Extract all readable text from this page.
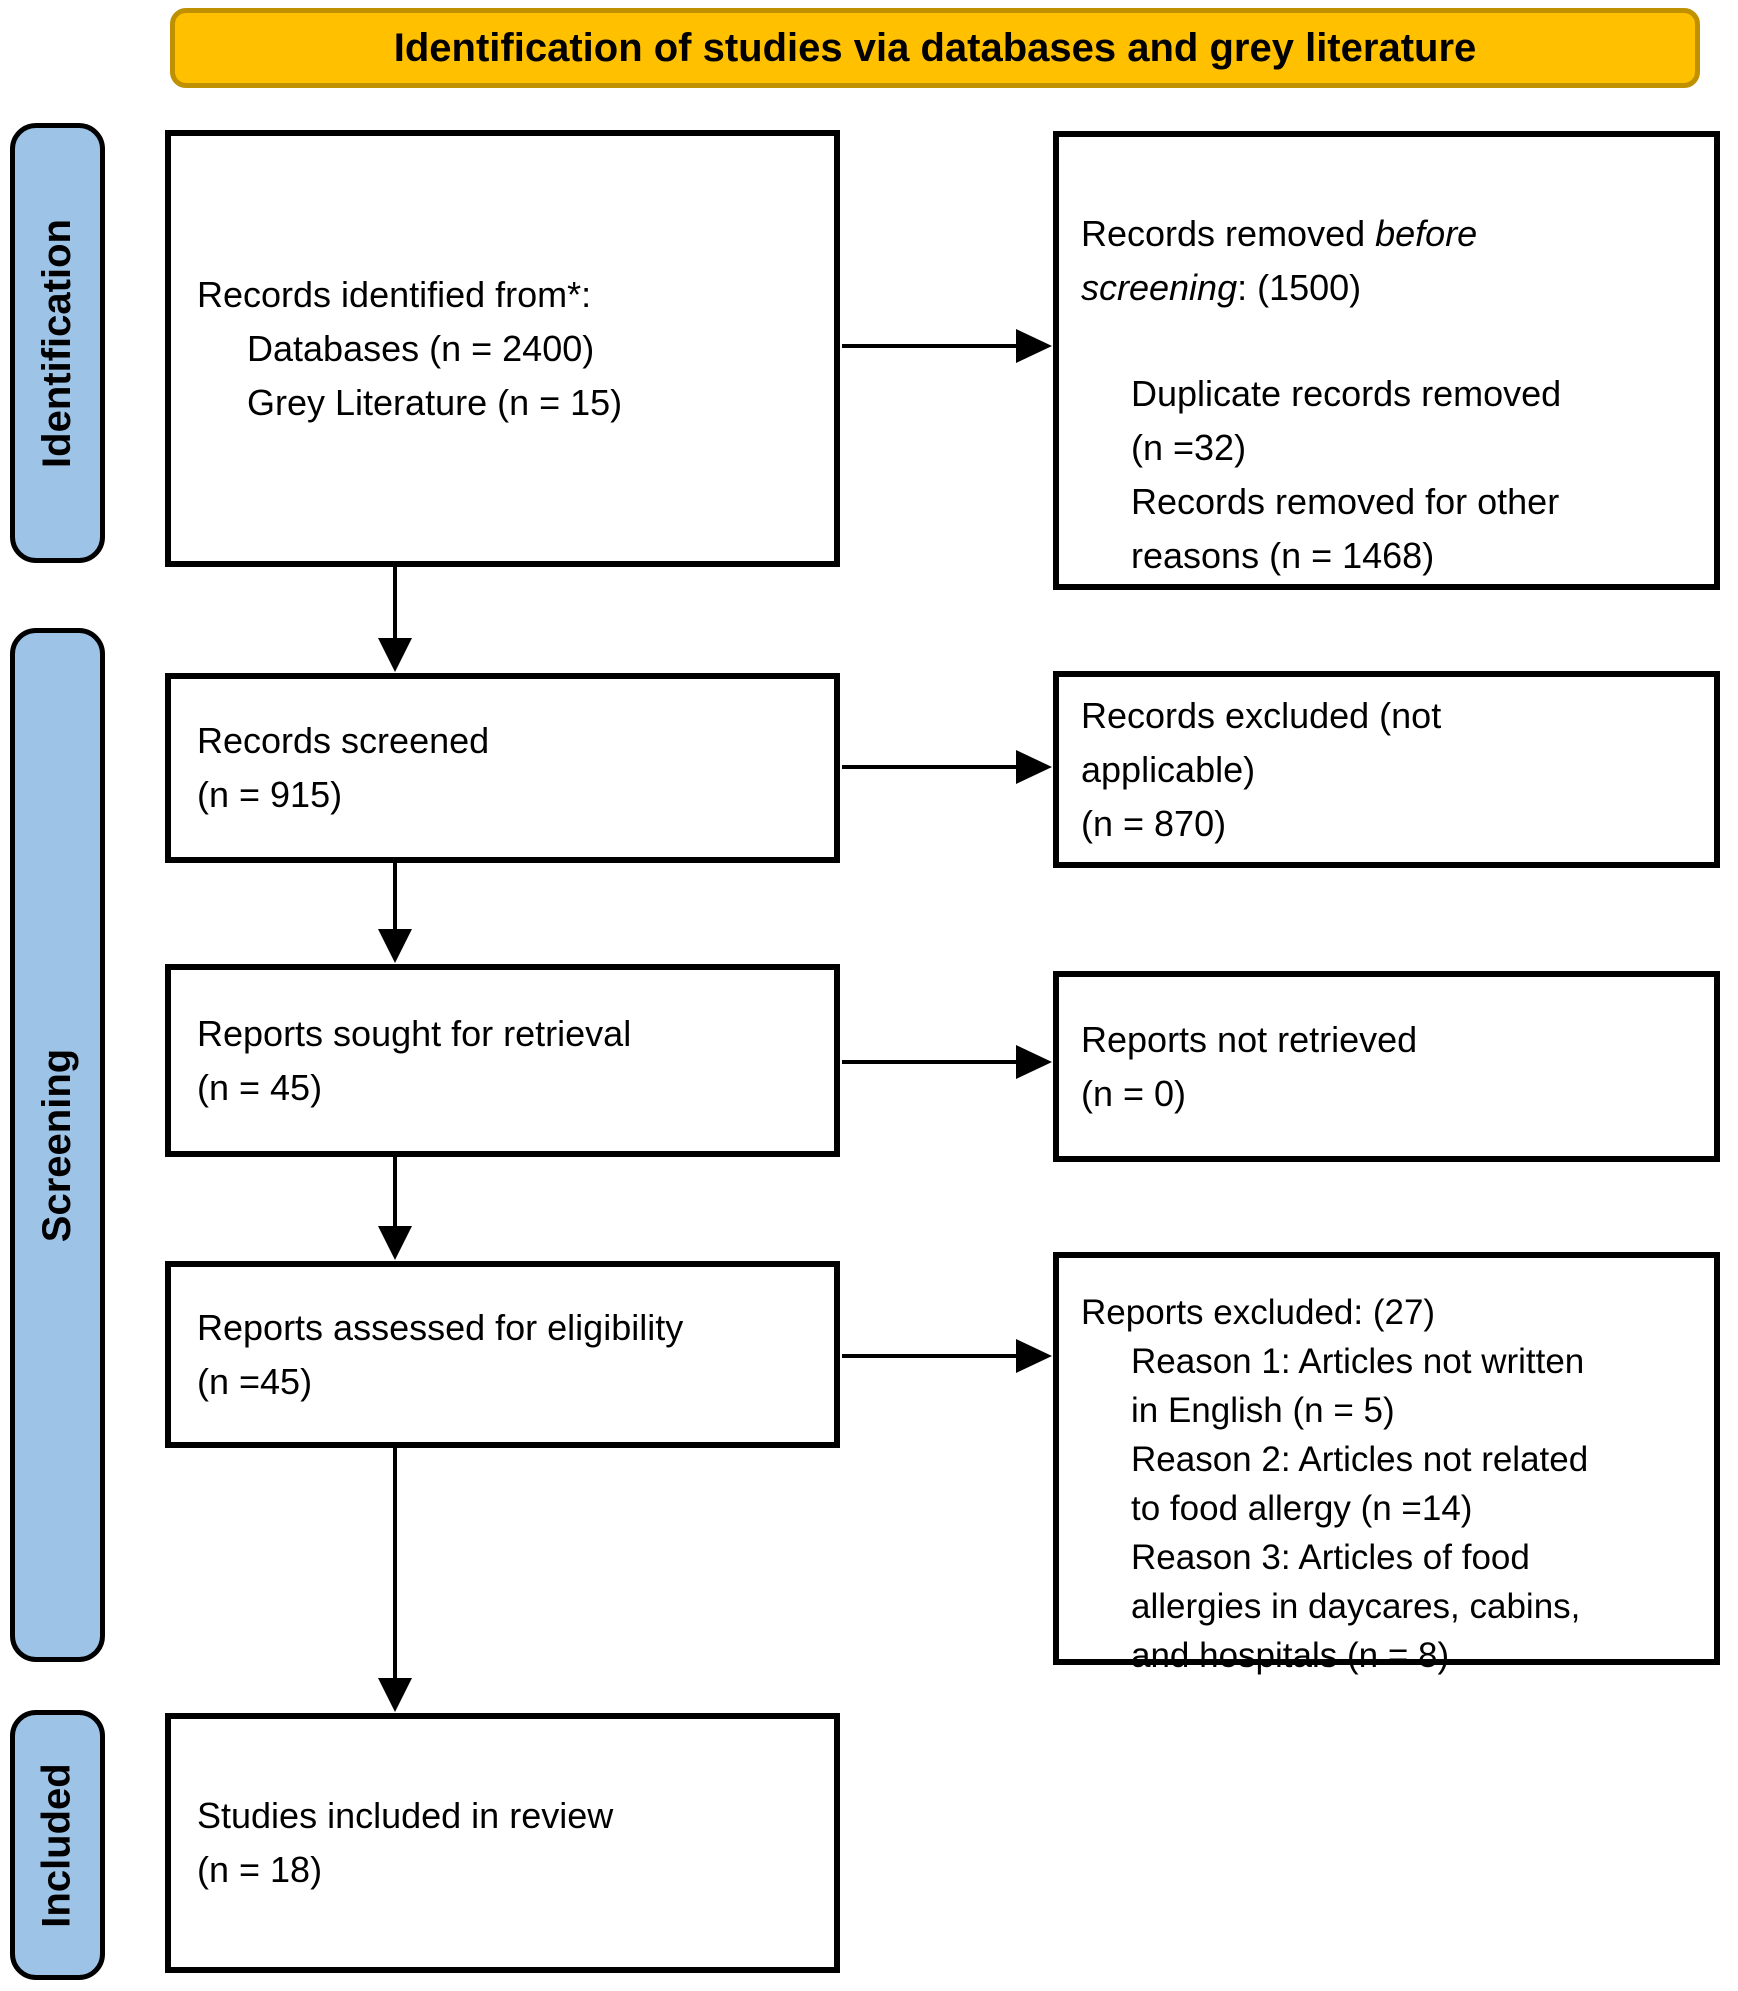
Identification of studies via databases and grey literature
Identification
Screening
Included
Records identified from*:
Databases (n = 2400)
Grey Literature (n = 15)
Records removed before
screening: (1500)
Duplicate records removed
(n =32)
Records removed for other
reasons (n = 1468)
Records screened
(n = 915)
Records excluded (not
applicable)
(n = 870)
Reports sought for retrieval
(n = 45)
Reports not retrieved
(n = 0)
Reports assessed for eligibility
(n =45)
Reports excluded: (27)
Reason 1: Articles not written
in English (n = 5)
Reason 2: Articles not related
to food allergy (n =14)
Reason 3: Articles of food
allergies in daycares, cabins,
and hospitals (n = 8)
Studies included in review
(n = 18)
